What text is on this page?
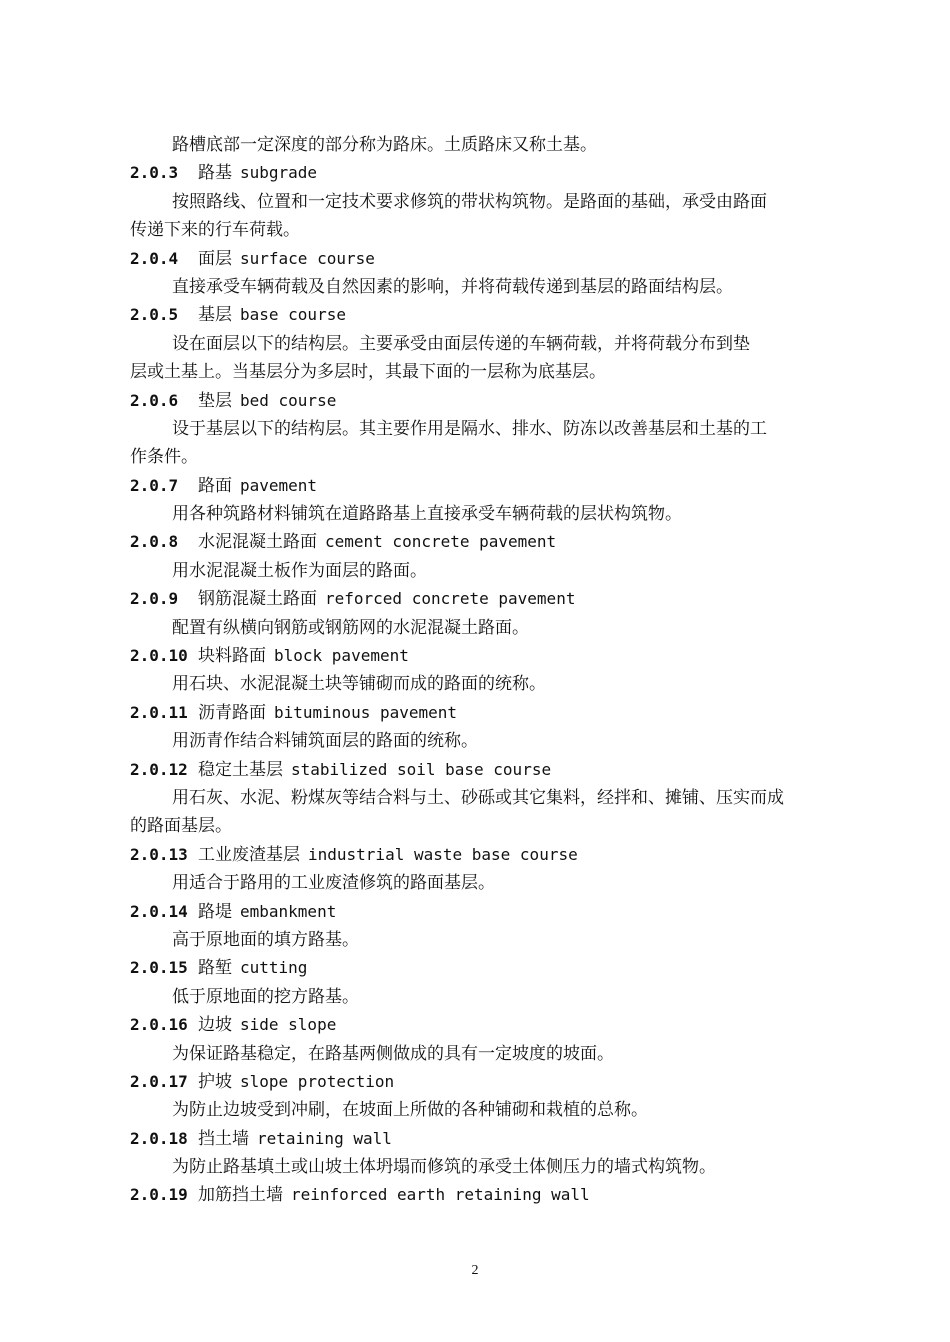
路槽底部一定深度的部分称为路床。土质路床又称土基。
2.0.3 路基 subgrade
按照路线、位置和一定技术要求修筑的带状构筑物。是路面的基础，承受由路面
传递下来的行车荷载。
2.0.4 面层 surface course
直接承受车辆荷载及自然因素的影响，并将荷载传递到基层的路面结构层。
2.0.5 基层 base course
设在面层以下的结构层。主要承受由面层传递的车辆荷载，并将荷载分布到垫
层或土基上。当基层分为多层时，其最下面的一层称为底基层。
2.0.6 垫层 bed course
设于基层以下的结构层。其主要作用是隔水、排水、防冻以改善基层和土基的工
作条件。
2.0.7 路面 pavement
用各种筑路材料铺筑在道路路基上直接承受车辆荷载的层状构筑物。
2.0.8 水泥混凝土路面 cement concrete pavement
用水泥混凝土板作为面层的路面。
2.0.9 钢筋混凝土路面 reforced concrete pavement
配置有纵横向钢筋或钢筋网的水泥混凝土路面。
2.0.10 块料路面 block pavement
用石块、水泥混凝土块等铺砌而成的路面的统称。
2.0.11 沥青路面 bituminous pavement
用沥青作结合料铺筑面层的路面的统称。
2.0.12 稳定土基层 stabilized soil base course
用石灰、水泥、粉煤灰等结合料与土、砂砾或其它集料，经拌和、摊铺、压实而成
的路面基层。
2.0.13 工业废渣基层 industrial waste base course
用适合于路用的工业废渣修筑的路面基层。
2.0.14 路堤 embankment
高于原地面的填方路基。
2.0.15 路堑 cutting
低于原地面的挖方路基。
2.0.16 边坡 side slope
为保证路基稳定，在路基两侧做成的具有一定坡度的坡面。
2.0.17 护坡 slope protection
为防止边坡受到冲刷，在坡面上所做的各种铺砌和栽植的总称。
2.0.18 挡土墙 retaining wall
为防止路基填土或山坡土体坍塌而修筑的承受土体侧压力的墙式构筑物。
2.0.19 加筋挡土墙 reinforced earth retaining wall
2
